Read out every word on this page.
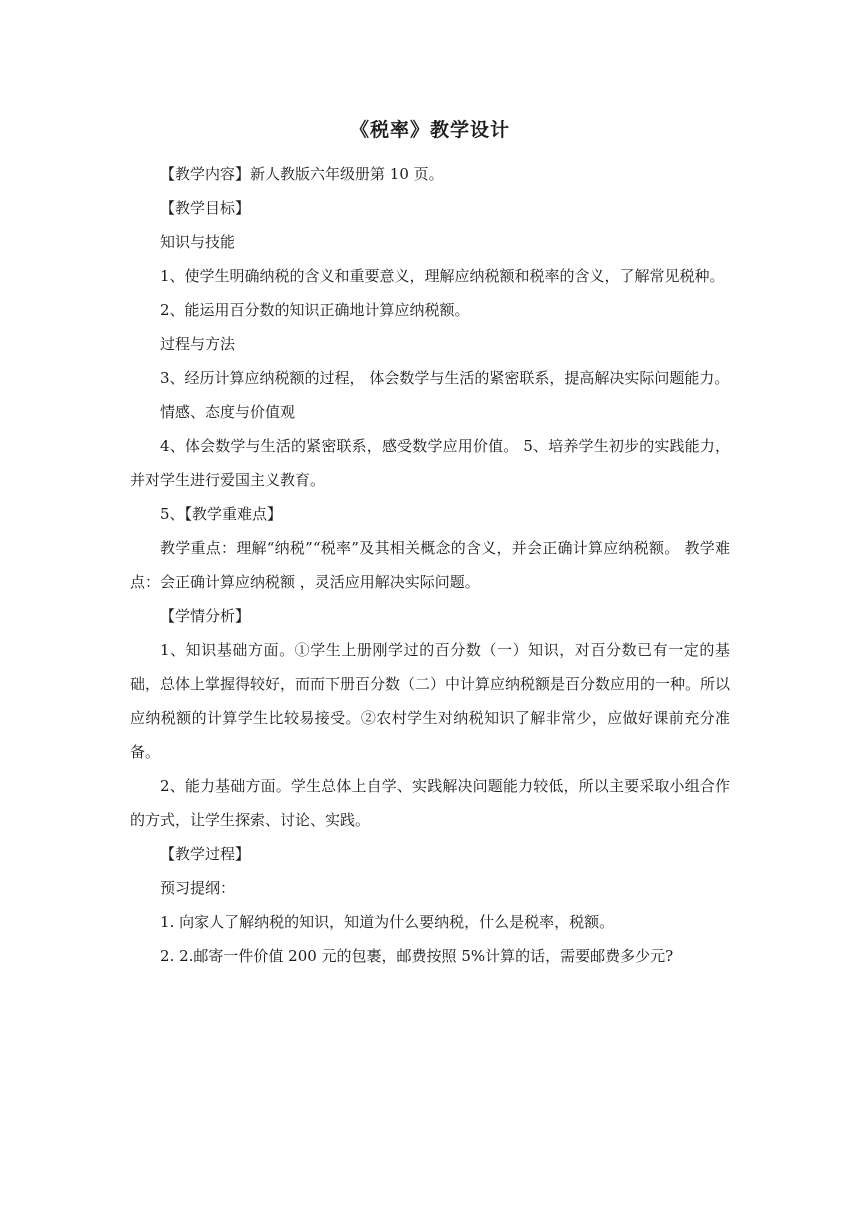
《税率》教学设计

【教学内容】新人教版六年级册第 10 页。

【教学目标】

知识与技能

1、使学生明确纳税的含义和重要意义，理解应纳税额和税率的含义，了解常见税种。

2、能运用百分数的知识正确地计算应纳税额。

过程与方法

3、经历计算应纳税额的过程， 体会数学与生活的紧密联系，提高解决实际问题能力。

情感、态度与价值观

4、体会数学与生活的紧密联系，感受数学应用价值。 5、培养学生初步的实践能力，并对学生进行爱国主义教育。

5、【教学重难点】

教学重点：理解“纳税”“税率”及其相关概念的含义，并会正确计算应纳税额。 教学难点：会正确计算应纳税额 ，灵活应用解决实际问题。

【学情分析】

1、知识基础方面。①学生上册刚学过的百分数（一）知识，对百分数已有一定的基础，总体上掌握得较好，而而下册百分数（二）中计算应纳税额是百分数应用的一种。所以应纳税额的计算学生比较易接受。②农村学生对纳税知识了解非常少，应做好课前充分准备。

2、能力基础方面。学生总体上自学、实践解决问题能力较低，所以主要采取小组合作的方式，让学生探索、讨论、实践。

【教学过程】

预习提纲：

1. 向家人了解纳税的知识，知道为什么要纳税，什么是税率，税额。

2. 2.邮寄一件价值 200 元的包裹，邮费按照 5%计算的话，需要邮费多少元?
